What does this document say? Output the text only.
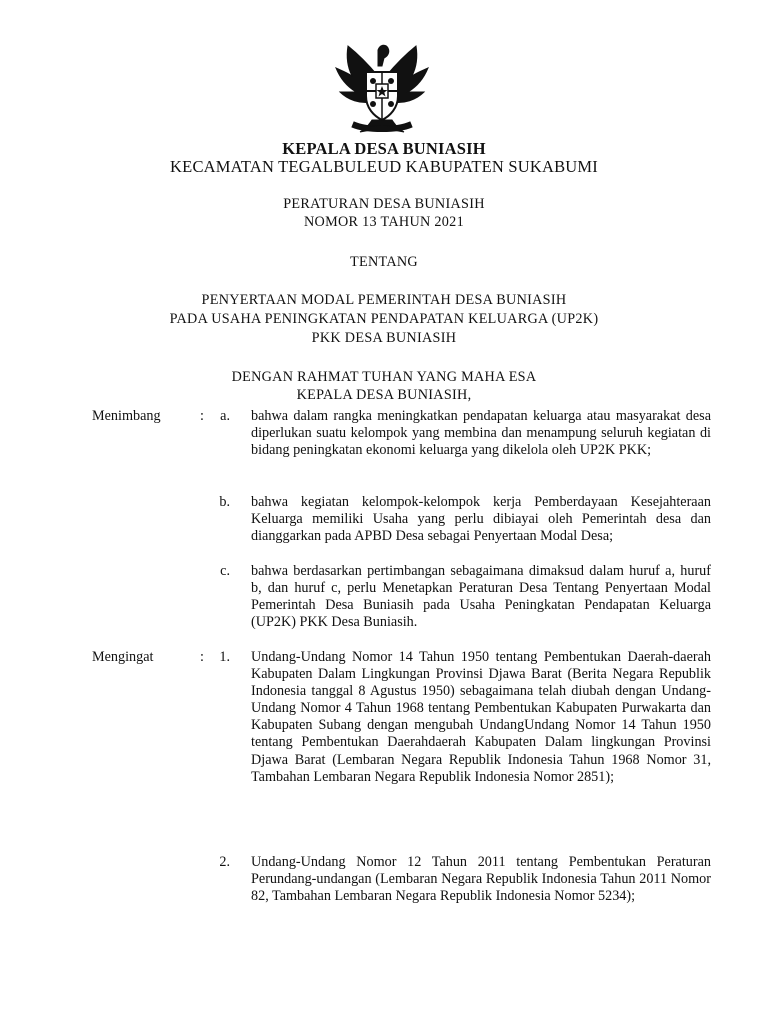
KEPALA DESA BUNIASIH
KECAMATAN TEGALBULEUD KABUPATEN SUKABUMI
PERATURAN DESA BUNIASIH
NOMOR 13 TAHUN 2021
TENTANG
PENYERTAAN MODAL PEMERINTAH DESA BUNIASIH
PADA USAHA PENINGKATAN PENDAPATAN KELUARGA (UP2K)
PKK DESA BUNIASIH
DENGAN RAHMAT TUHAN YANG MAHA ESA
KEPALA DESA BUNIASIH,
Menimbang	:	a. bahwa dalam rangka meningkatkan pendapatan keluarga atau masyarakat desa diperlukan suatu kelompok yang membina dan menampung seluruh kegiatan di bidang peningkatan ekonomi keluarga yang dikelola oleh UP2K PKK;
b. bahwa kegiatan kelompok-kelompok kerja Pemberdayaan Kesejahteraan Keluarga memiliki Usaha yang perlu dibiayai oleh Pemerintah desa dan dianggarkan pada APBD Desa sebagai Penyertaan Modal Desa;
c. bahwa berdasarkan pertimbangan sebagaimana dimaksud dalam huruf a, huruf b, dan huruf c, perlu Menetapkan Peraturan Desa Tentang Penyertaan Modal Pemerintah Desa Buniasih pada Usaha Peningkatan Pendapatan Keluarga (UP2K) PKK Desa Buniasih.
Mengingat	:	1. Undang-Undang Nomor 14 Tahun 1950 tentang Pembentukan Daerah-daerah Kabupaten Dalam Lingkungan Provinsi Djawa Barat (Berita Negara Republik Indonesia tanggal 8 Agustus 1950) sebagaimana telah diubah dengan Undang-Undang Nomor 4 Tahun 1968 tentang Pembentukan Kabupaten Purwakarta dan Kabupaten Subang dengan mengubah UndangUndang Nomor 14 Tahun 1950 tentang Pembentukan Daerahdaerah Kabupaten Dalam lingkungan Provinsi Djawa Barat (Lembaran Negara Republik Indonesia Tahun 1968 Nomor 31, Tambahan Lembaran Negara Republik Indonesia Nomor 2851);
2. Undang-Undang Nomor 12 Tahun 2011 tentang Pembentukan Peraturan Perundang-undangan (Lembaran Negara Republik Indonesia Tahun 2011 Nomor 82, Tambahan Lembaran Negara Republik Indonesia Nomor 5234);
